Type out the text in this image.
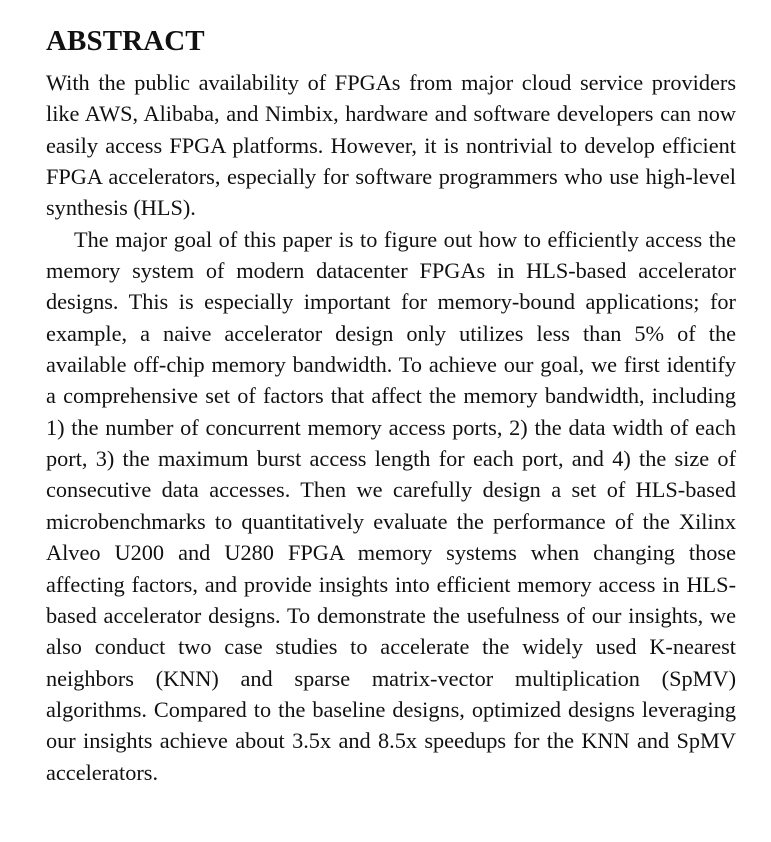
ABSTRACT

With the public availability of FPGAs from major cloud service providers like AWS, Alibaba, and Nimbix, hardware and software developers can now easily access FPGA platforms. However, it is nontrivial to develop efficient FPGA accelerators, especially for software programmers who use high-level synthesis (HLS).

The major goal of this paper is to figure out how to efficiently access the memory system of modern datacenter FPGAs in HLS-based accelerator designs. This is especially important for memory-bound applications; for example, a naive accelerator design only utilizes less than 5% of the available off-chip memory bandwidth. To achieve our goal, we first identify a comprehensive set of factors that affect the memory bandwidth, including 1) the number of concurrent memory access ports, 2) the data width of each port, 3) the maximum burst access length for each port, and 4) the size of consecutive data accesses. Then we carefully design a set of HLS-based microbenchmarks to quantitatively evaluate the performance of the Xilinx Alveo U200 and U280 FPGA memory systems when changing those affecting factors, and provide insights into efficient memory access in HLS-based accelerator designs. To demonstrate the usefulness of our insights, we also conduct two case studies to accelerate the widely used K-nearest neighbors (KNN) and sparse matrix-vector multiplication (SpMV) algorithms. Compared to the baseline designs, optimized designs leveraging our insights achieve about 3.5x and 8.5x speedups for the KNN and SpMV accelerators.
